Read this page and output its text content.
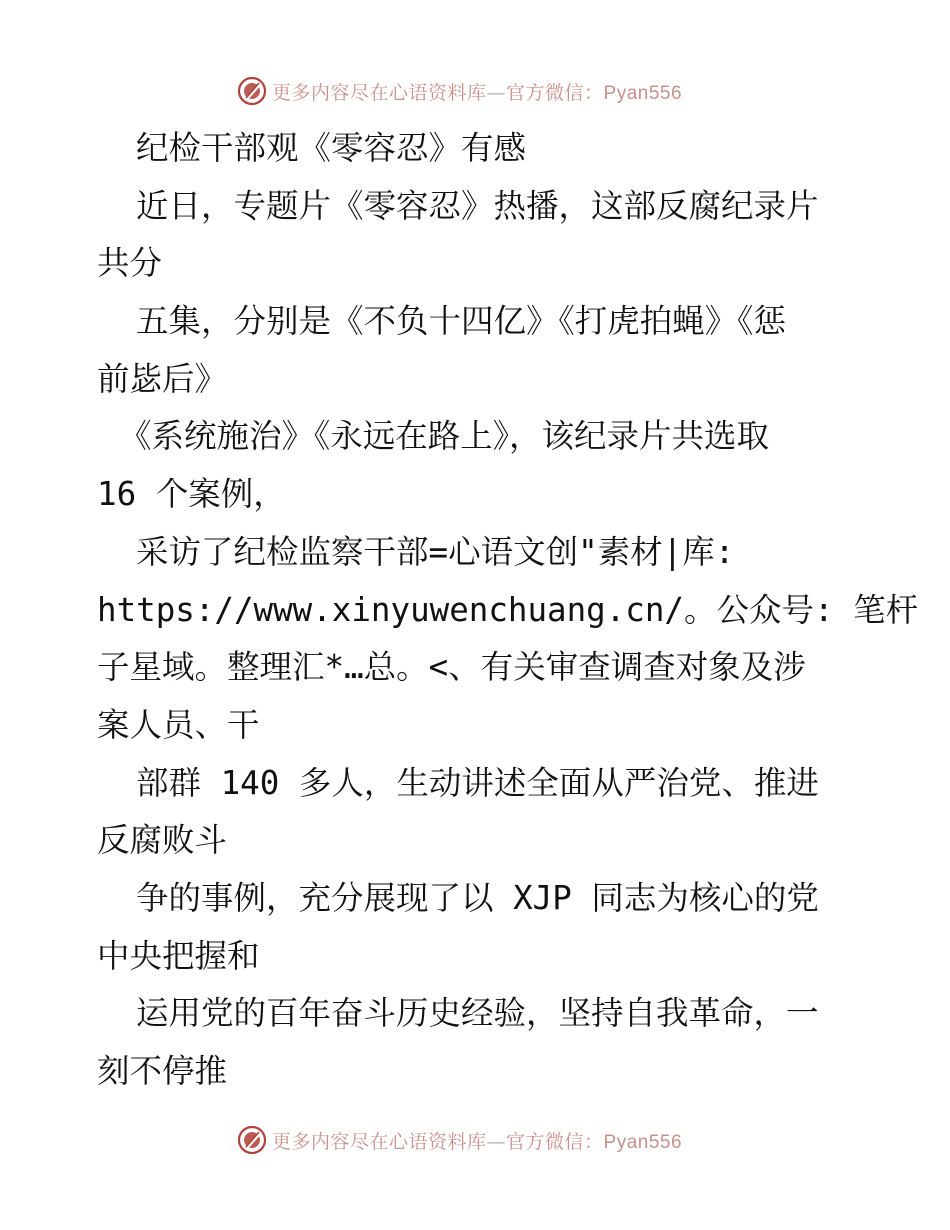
更多内容尽在心语资料库—官方微信：Pyan556
纪检干部观《零容忍》有感
近日，专题片《零容忍》热播，这部反腐纪录片
共分
五集，分别是《不负十四亿》《打虎拍蝇》《惩
前毖后》
《系统施治》《永远在路上》，该纪录片共选取
16 个案例，
采访了纪检监察干部=心语文创"素材|库:
https://www.xinyuwenchuang.cn/。公众号: 笔杆
子星域。整理汇*…总。<、有关审查调查对象及涉
案人员、干
部群 140 多人，生动讲述全面从严治党、推进
反腐败斗
争的事例，充分展现了以 XJP 同志为核心的党
中央把握和
运用党的百年奋斗历史经验，坚持自我革命，一
刻不停推
更多内容尽在心语资料库—官方微信：Pyan556
